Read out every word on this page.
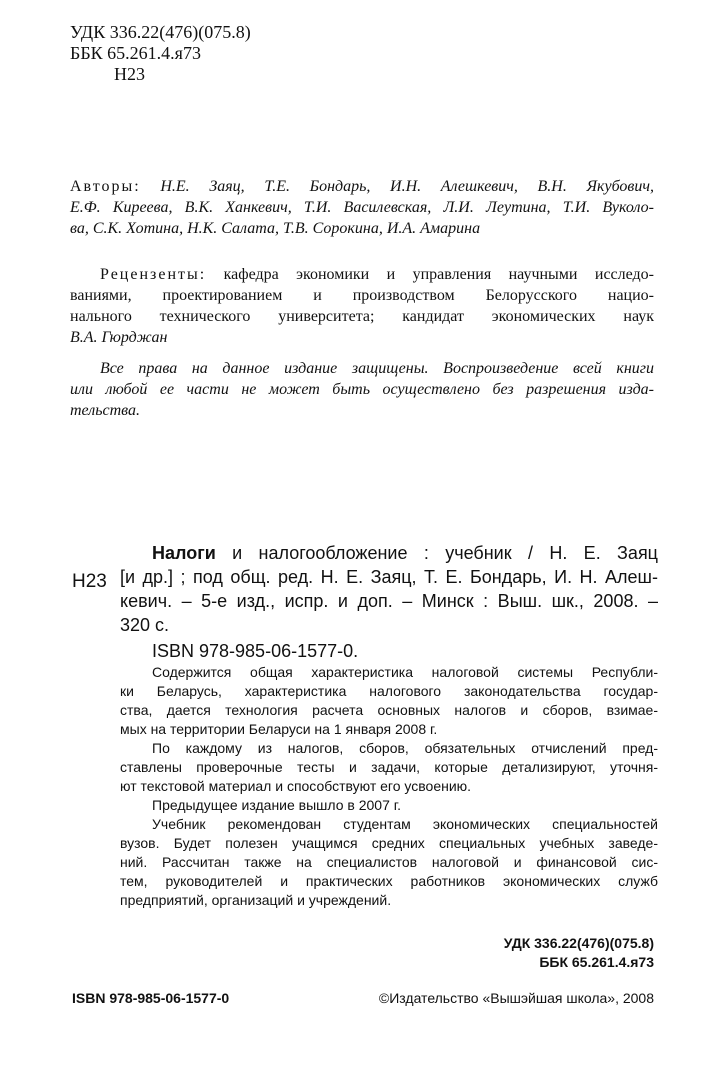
УДК 336.22(476)(075.8)
ББК 65.261.4.я73
Н23
Авторы: Н.Е. Заяц, Т.Е. Бондарь, И.Н. Алешкевич, В.Н. Якубович,
Е.Ф. Киреева, В.К. Ханкевич, Т.И. Василевская, Л.И. Леутина, Т.И. Вуколо-
ва, С.К. Хотина, Н.К. Салата, Т.В. Сорокина, И.А. Амарина
Рецензенты: кафедра экономики и управления научными исследо-
ваниями, проектированием и производством Белорусского нацио-
нального технического университета; кандидат экономических наук
В.А. Гюрджан
Все права на данное издание защищены. Воспроизведение всей книги
или любой ее части не может быть осуществлено без разрешения изда-
тельства.
Н23
Налоги и налогообложение : учебник / Н. Е. Заяц
[и др.] ; под общ. ред. Н. Е. Заяц, Т. Е. Бондарь, И. Н. Алеш-
кевич. – 5-е изд., испр. и доп. – Минск : Выш. шк., 2008. –
320 с.
ISBN 978-985-06-1577-0.
Содержится общая характеристика налоговой системы Республи-
ки Беларусь, характеристика налогового законодательства государ-
ства, дается технология расчета основных налогов и сборов, взимае-
мых на территории Беларуси на 1 января 2008 г.
По каждому из налогов, сборов, обязательных отчислений пред-
ставлены проверочные тесты и задачи, которые детализируют, уточня-
ют текстовой материал и способствуют его усвоению.
Предыдущее издание вышло в 2007 г.
Учебник рекомендован студентам экономических специальностей
вузов. Будет полезен учащимся средних специальных учебных заведе-
ний. Рассчитан также на специалистов налоговой и финансовой сис-
тем, руководителей и практических работников экономических служб
предприятий, организаций и учреждений.
УДК 336.22(476)(075.8)
ББК 65.261.4.я73
ISBN 978-985-06-1577-0	©Издательство «Вышэйшая школа», 2008
